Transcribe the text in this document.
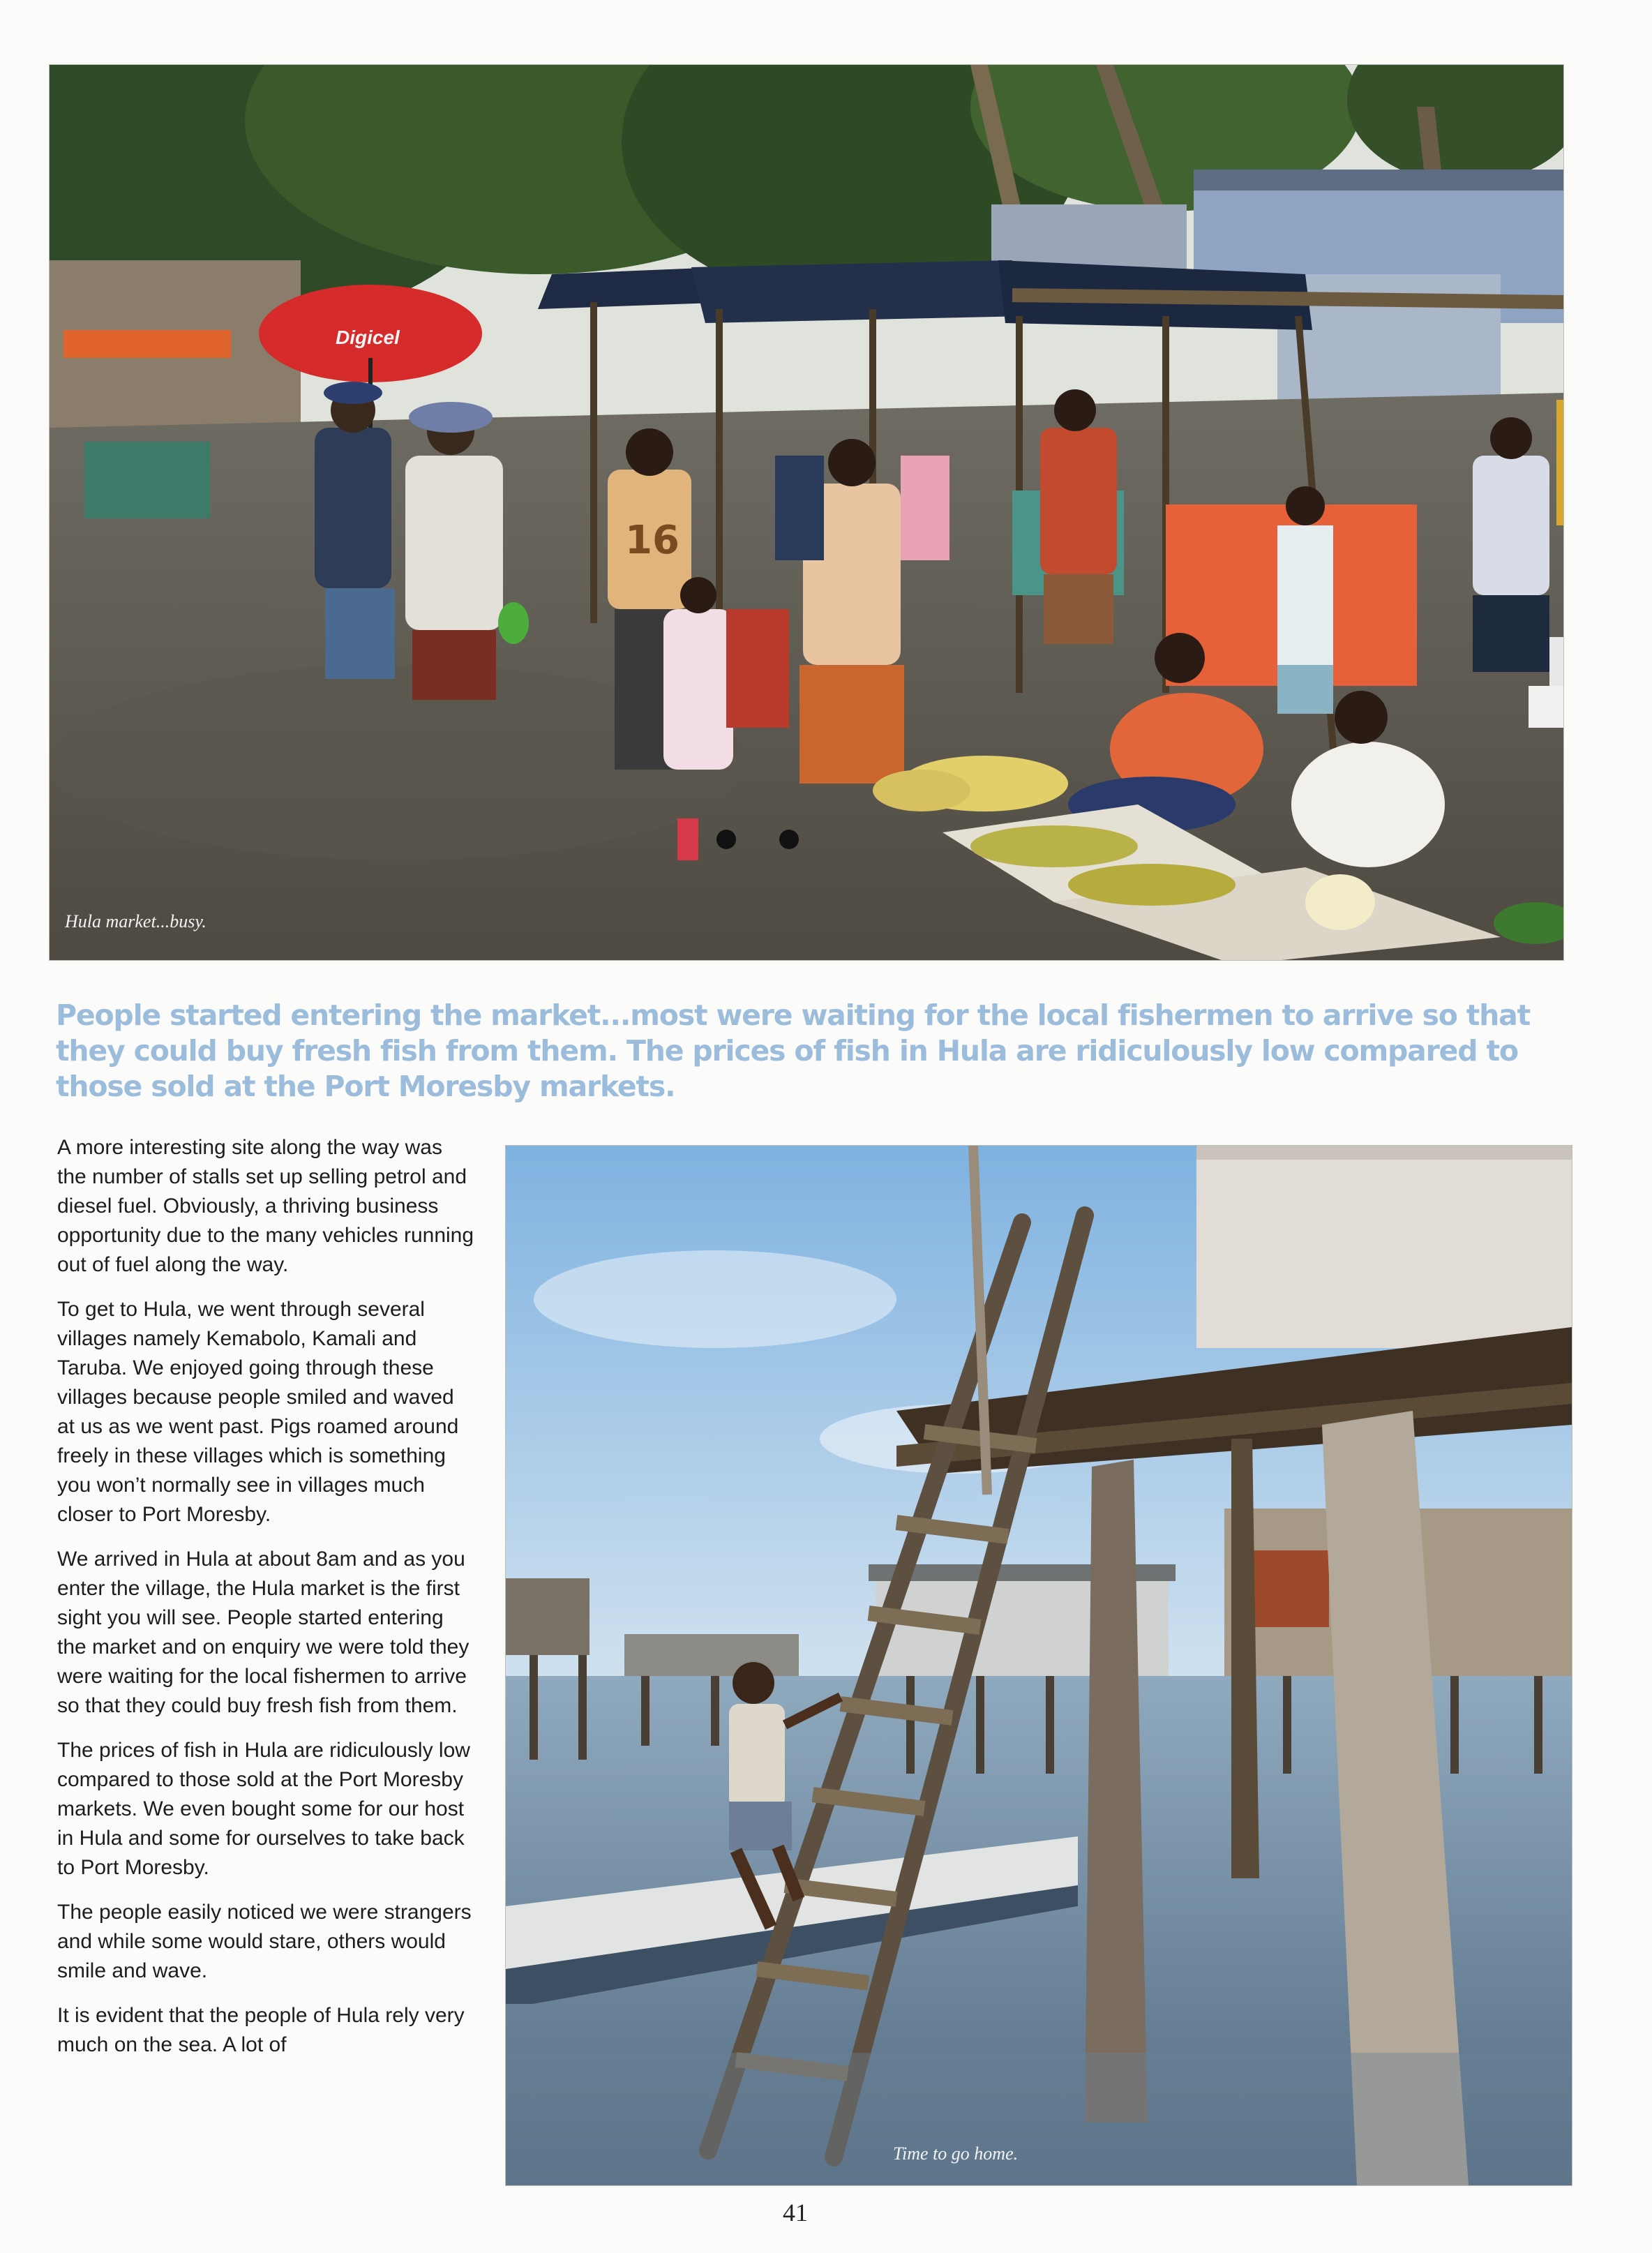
Digicel
16
Hula market...busy.

People started entering the market...most were waiting for the local fishermen to arrive so that they could buy fresh fish from them. The prices of fish in Hula are ridiculously low compared to those sold at the Port Moresby markets.

A more interesting site along the way was the number of stalls set up selling petrol and diesel fuel. Obviously, a thriving business opportunity due to the many vehicles running out of fuel along the way.

To get to Hula, we went through several villages namely Kemabolo, Kamali and Taruba. We enjoyed going through these villages because people smiled and waved at us as we went past. Pigs roamed around freely in these villages which is something you won’t normally see in villages much closer to Port Moresby.

We arrived in Hula at about 8am and as you enter the village, the Hula market is the first sight you will see. People started entering the market and on enquiry we were told they were waiting for the local fishermen to arrive so that they could buy fresh fish from them.

The prices of fish in Hula are ridiculously low compared to those sold at the Port Moresby markets. We even bought some for our host in Hula and some for ourselves to take back to Port Moresby.

The people easily noticed we were strangers and while some would stare, others would smile and wave.

It is evident that the people of Hula rely very much on the sea. A lot of

Time to go home.
41
